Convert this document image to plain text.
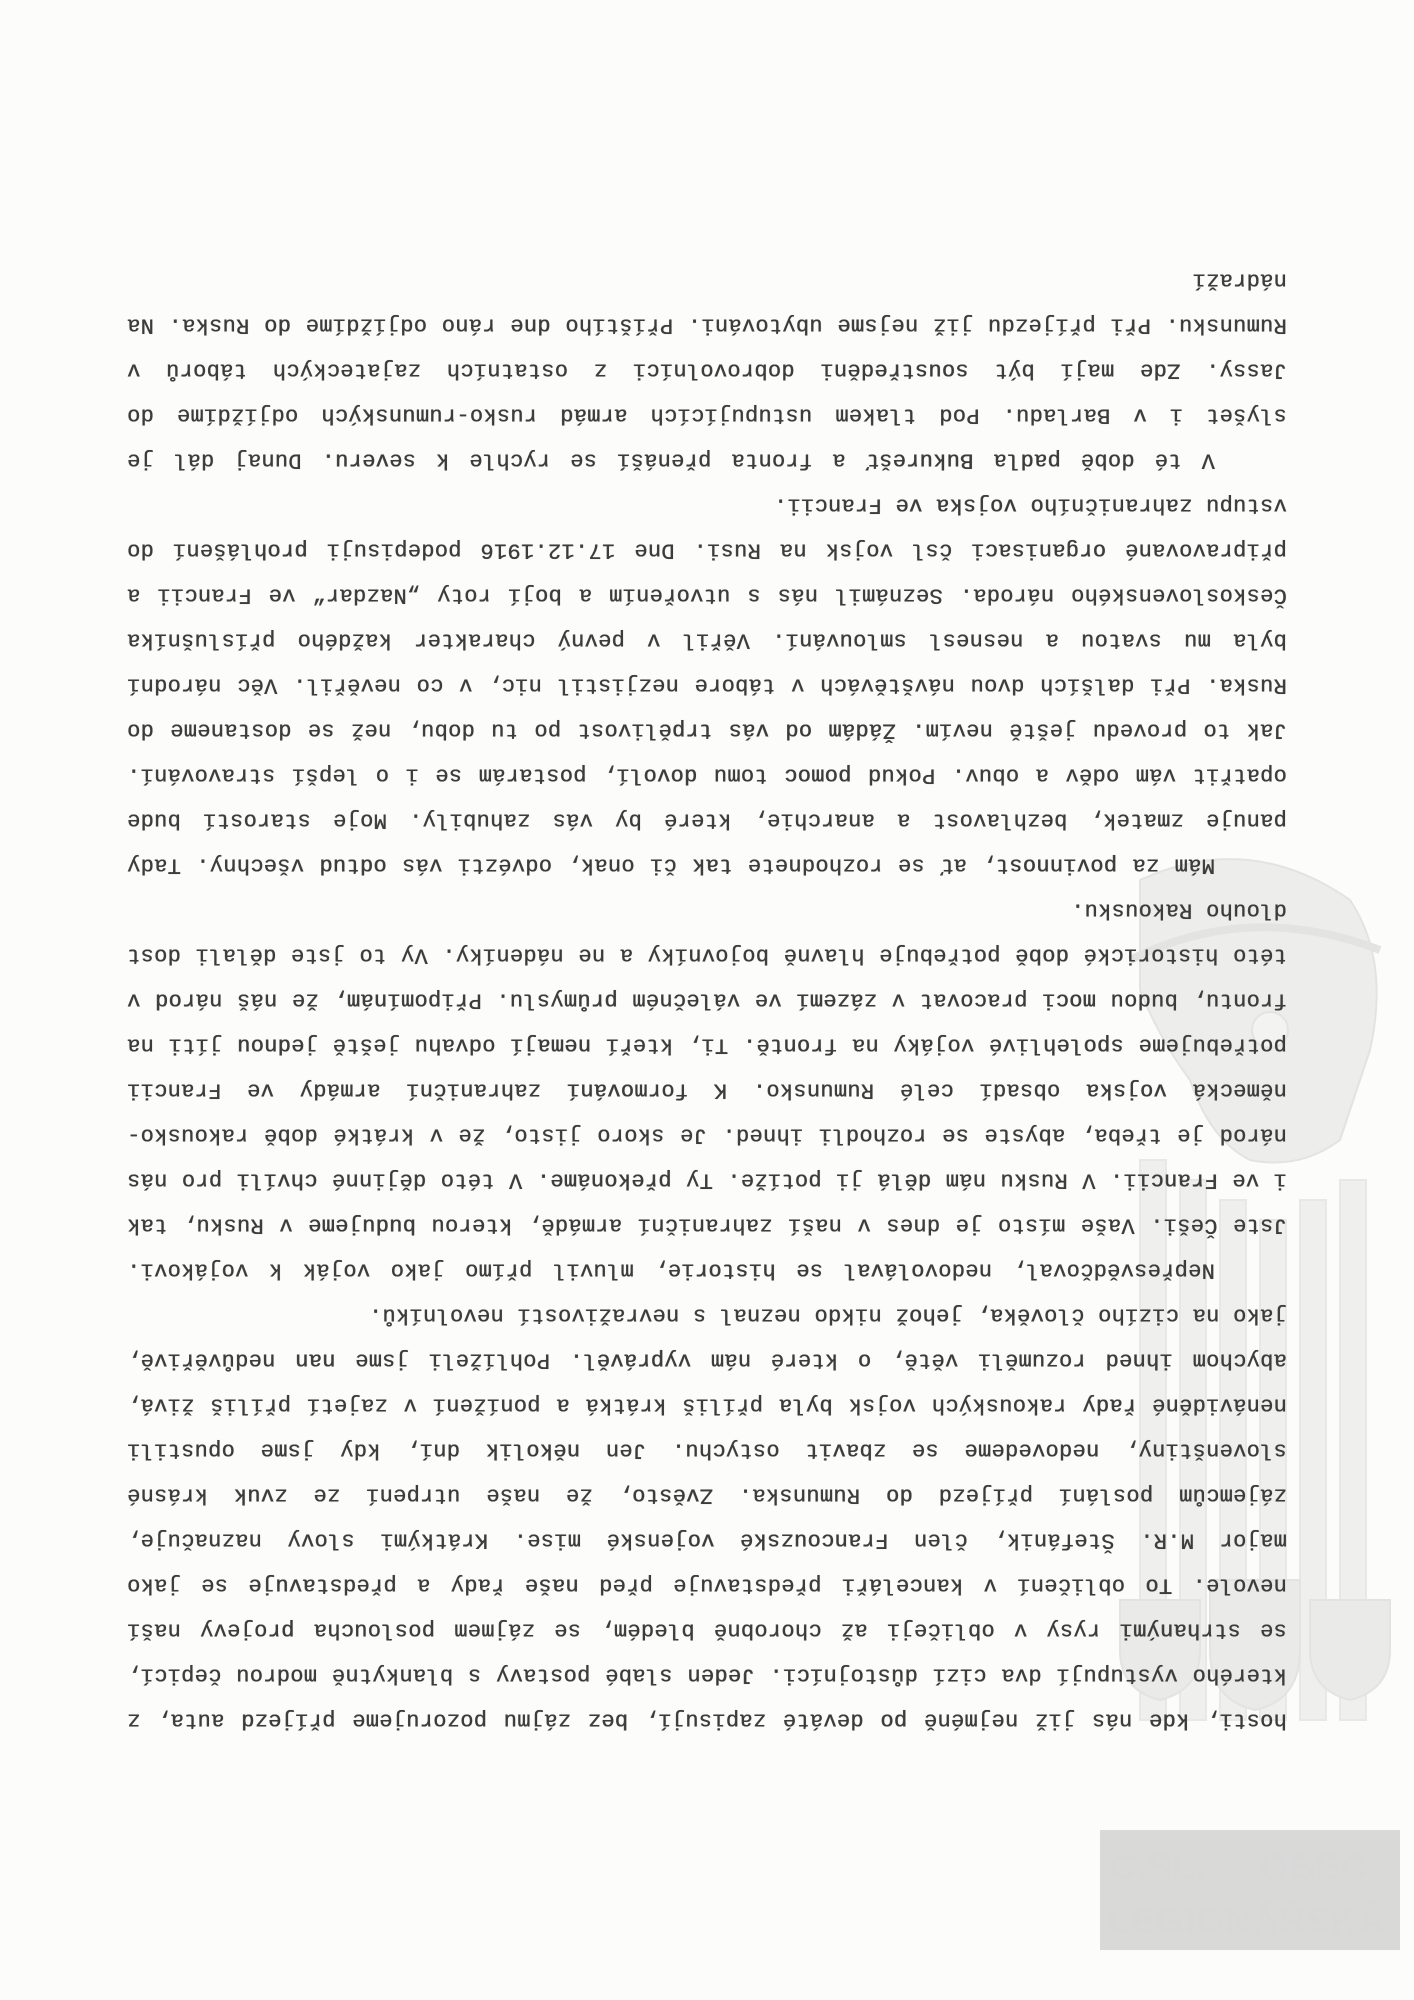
Č.SL. OBEC
LEGIONÁŘSKÁ

hosti, kde nás již nejméně po deváté zapisují, bez zájmu pozorujeme příjezd auta, z kterého vystupují dva cizí důstojníci. Jeden slabé postavy s blankytně modrou čepicí, se strhanými rysy v obličeji až chorobně bledém, se zájmem posloucha projevy naší nevole. To obličení v kanceláři představuje před naše řady a představuje se jako major M.R. Štefánik, člen Francouzské vojenské mise. Krátkými slovy naznačuje, zájemcům poslání příjezd do Rumunska. Zvěsto, že naše utrpení ze zvuk krásné slovenštiny, nedovedeme se zbavit ostychu. Jen několik dní, kdy jsme opustili nenáviděné řady rakouských vojsk byla příliš krátká a ponížení v zajetí příliš živá, abychom ihned rozuměli větě, o které nám vyprávěl. Pohlíželi jsme nan nedůvěřivě, jako na cizího člověka, jehož nikdo neznal s nevraživostí nevolníků.

Nepřesvědčoval, nedovolával se historie, mluvil přímo jako voják k vojákovi. Jste Češi. Vaše místo je dnes v naší zahraniční armádě, kterou budujeme v Rusku, tak i ve Francii. V Rusku nám dělá ji potíže. Ty překonáme. V této dějinné chvíli pro nás národ je třeba, abyste se rozhodli ihned. Je skoro jisto, že v krátké době rakousko-německá vojska obsadí celé Rumunsko. K formování zahraniční armády ve Francii potřebujeme spolehlivé vojáky na frontě. Ti, kteří nemají odvahu ještě jednou jíti na frontu, budou moci pracovat v zázemí ve válečném průmyslu. Připomínám, že náš národ v této historické době potřebuje hlavně bojovníky a ne nádeníky. Vy to jste dělali dost dlouho Rakousku.

Mám za povinnost, ať se rozhodnete tak či onak, odvézti vás odtud všechny. Tady panuje zmatek, bezhlavost a anarchie, které by vás zahubily. Moje starostí bude opatřit vám oděv a obuv. Pokud pomoc tomu dovolí, postarám se i o lepší stravování. Jak to provedu ještě nevím. Žádám od vás trpělivost po tu dobu, než se dostaneme do Ruska. Při dalších dvou návštěvách v tábore nezjistil nic, v co nevěřil. Věc národní byla mu svatou a nesnesl smlouvání. Věřil v pevný charakter každého příslušníka Československého národa. Seznámil nás s utvořením a bojí roty „Nazdar“ ve Francii a připravované organisaci čsl vojsk na Rusi. Dne 17.12.1916 podepisuji prohlášení do vstupu zahraničního vojska ve Francii.

V té době padla Bukurešť a fronta přenáší se rychle k severu. Dunaj dál je slyšet i v Barladu. Pod tlakem ustupujících armád rusko-rumunských odjíždíme do Jassy. Zde mají být soustředěni dobrovolníci z ostatních zajateckých táborů v Rumunsku. Při příjezdu již nejsme ubytováni. Příštího dne ráno odjíždíme do Ruska. Na nádraží
